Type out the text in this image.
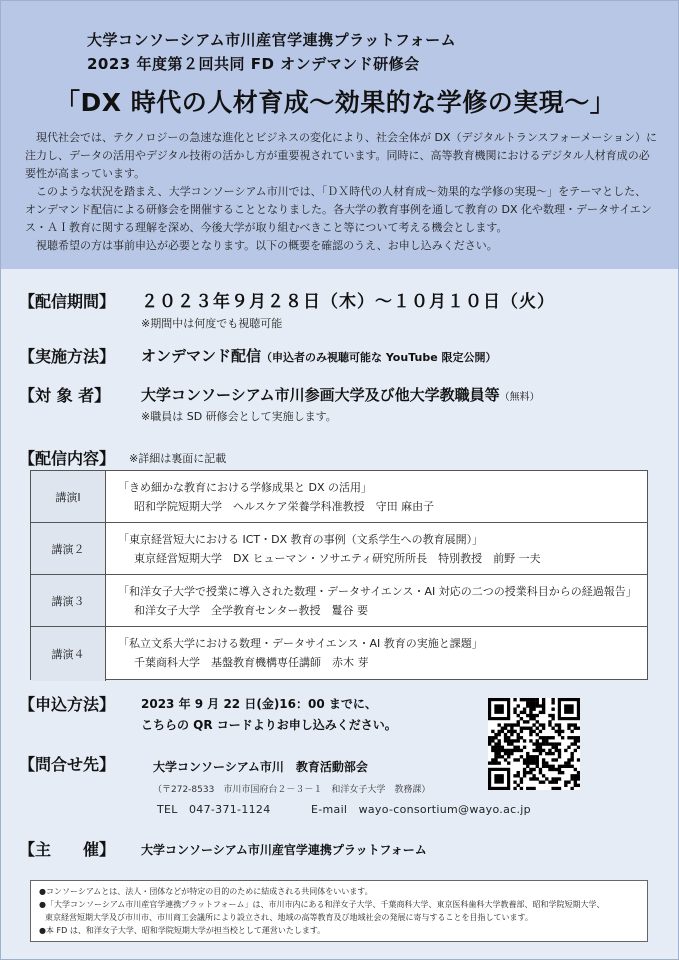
大学コンソーシアム市川産官学連携プラットフォーム
2023 年度第２回共同 FD オンデマンド研修会
「DX 時代の人材育成～効果的な学修の実現～」

現代社会では、テクノロジーの急速な進化とビジネスの変化により、社会全体が DX（デジタルトランスフォーメーション）に注力し、データの活用やデジタル技術の活かし方が重要視されています。同時に、高等教育機関におけるデジタル人材育成の必要性が高まっています。

このような状況を踏まえ、大学コンソーシアム市川では、「ＤＸ時代の人材育成～効果的な学修の実現～」をテーマとした、オンデマンド配信による研修会を開催することとなりました。各大学の教育事例を通して教育の DX 化や数理・データサイエンス・ＡＩ教育に関する理解を深め、今後大学が取り組むべきこと等について考える機会とします。

視聴希望の方は事前申込が必要となります。以下の概要を確認のうえ、お申し込みください。

【配信期間】 ２０２３年９月２８日（木）～１０月１０日（火）
※期間中は何度でも視聴可能
【実施方法】 オンデマンド配信（申込者のみ視聴可能な YouTube 限定公開）
【対 象 者】 大学コンソーシアム市川参画大学及び他大学教職員等（無料）
※職員は SD 研修会として実施します。
【配信内容】 ※詳細は裏面に記載
講演Ⅰ
「きめ細かな教育における学修成果と DX の活用」
昭和学院短期大学　ヘルスケア栄養学科准教授　守田 麻由子
講演２
「東京経営短大における ICT・DX 教育の事例（文系学生への教育展開）」
東京経営短期大学　DX ヒューマン・ソサエティ研究所所長　特別教授　前野 一夫
講演３
「和洋女子大学で授業に導入された数理・データサイエンス・AI 対応の二つの授業科目からの経過報告」
和洋女子大学　全学教育センター教授　鬘谷 要
講演４
「私立文系大学における数理・データサイエンス・AI 教育の実施と課題」
千葉商科大学　基盤教育機構専任講師　赤木 芽
【申込方法】 2023 年 9 月 22 日(金)16：00 までに、
こちらの QR コードよりお申し込みください。
【問合せ先】	大学コンソーシアム市川　教育活動部会
（〒272-8533　市川市国府台２－３－１　和洋女子大学　教務課）
TEL　047-371-1124	E-mail　wayo-consortium@wayo.ac.jp
【主　　催】 大学コンソーシアム市川産官学連携プラットフォーム
●コンソーシアムとは、法人・団体などが特定の目的のために結成される共同体をいいます。
●「大学コンソーシアム市川産官学連携プラットフォーム」は、市川市内にある和洋女子大学、千葉商科大学、東京医科歯科大学教養部、昭和学院短期大学、
東京経営短期大学及び市川市、市川商工会議所により設立され、地域の高等教育及び地域社会の発展に寄与することを目指しています。
●本 FD は、和洋女子大学、昭和学院短期大学が担当校として運営いたします。
